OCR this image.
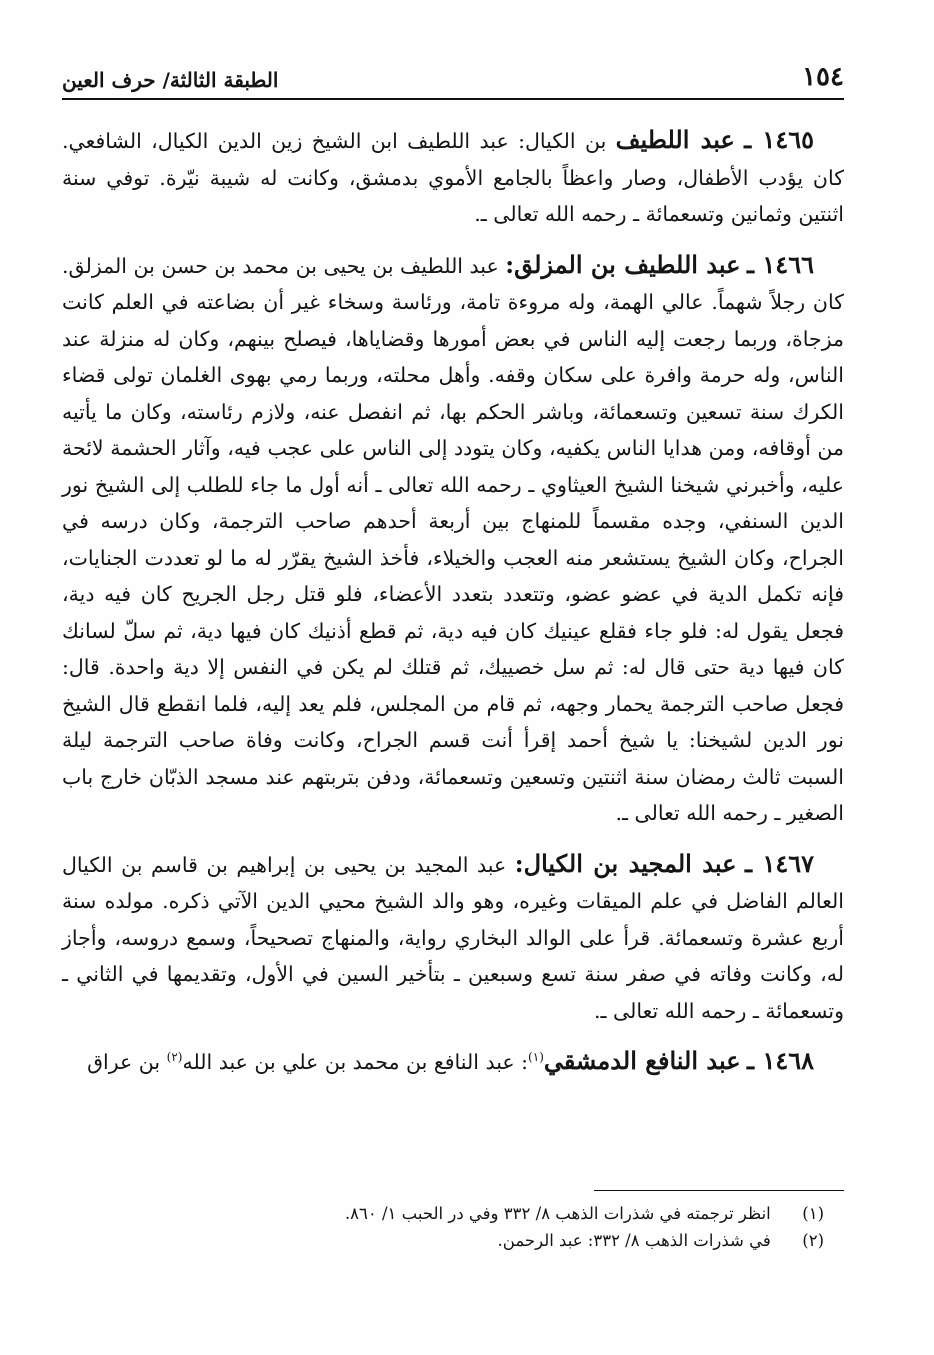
الطبقة الثالثة/ حرف العين	١٥٤

١٤٦٥ ـ عبد اللطيف بن الكيال: عبد اللطيف ابن الشيخ زين الدين الكيال، الشافعي. كان يؤدب الأطفال، وصار واعظاً بالجامع الأموي بدمشق، وكانت له شيبة نيّرة. توفي سنة اثنتين وثمانين وتسعمائة ـ رحمه الله تعالى ـ.

١٤٦٦ ـ عبد اللطيف بن المزلق: عبد اللطيف بن يحيى بن محمد بن حسن بن المزلق. كان رجلاً شهماً. عالي الهمة، وله مروءة تامة، ورئاسة وسخاء غير أن بضاعته في العلم كانت مزجاة، وربما رجعت إليه الناس في بعض أمورها وقضاياها، فيصلح بينهم، وكان له منزلة عند الناس، وله حرمة وافرة على سكان وقفه. وأهل محلته، وربما رمي بهوى الغلمان تولى قضاء الكرك سنة تسعين وتسعمائة، وباشر الحكم بها، ثم انفصل عنه، ولازم رئاسته، وكان ما يأتيه من أوقافه، ومن هدايا الناس يكفيه، وكان يتودد إلى الناس على عجب فيه، وآثار الحشمة لائحة عليه، وأخبرني شيخنا الشيخ العيثاوي ـ رحمه الله تعالى ـ أنه أول ما جاء للطلب إلى الشيخ نور الدين السنفي، وجده مقسماً للمنهاج بين أربعة أحدهم صاحب الترجمة، وكان درسه في الجراح، وكان الشيخ يستشعر منه العجب والخيلاء، فأخذ الشيخ يقرّر له ما لو تعددت الجنايات، فإنه تكمل الدية في عضو عضو، وتتعدد بتعدد الأعضاء، فلو قتل رجل الجريح كان فيه دية، فجعل يقول له: فلو جاء فقلع عينيك كان فيه دية، ثم قطع أذنيك كان فيها دية، ثم سلّ لسانك كان فيها دية حتى قال له: ثم سل خصييك، ثم قتلك لم يكن في النفس إلا دية واحدة. قال: فجعل صاحب الترجمة يحمار وجهه، ثم قام من المجلس، فلم يعد إليه، فلما انقطع قال الشيخ نور الدين لشيخنا: يا شيخ أحمد إقرأ أنت قسم الجراح، وكانت وفاة صاحب الترجمة ليلة السبت ثالث رمضان سنة اثنتين وتسعين وتسعمائة، ودفن بتربتهم عند مسجد الذبّان خارج باب الصغير ـ رحمه الله تعالى ـ.

١٤٦٧ ـ عبد المجيد بن الكيال: عبد المجيد بن يحيى بن إبراهيم بن قاسم بن الكيال العالم الفاضل في علم الميقات وغيره، وهو والد الشيخ محيي الدين الآتي ذكره. مولده سنة أربع عشرة وتسعمائة. قرأ على الوالد البخاري رواية، والمنهاج تصحيحاً، وسمع دروسه، وأجاز له، وكانت وفاته في صفر سنة تسع وسبعين ـ بتأخير السين في الأول، وتقديمها في الثاني ـ وتسعمائة ـ رحمه الله تعالى ـ.

١٤٦٨ ـ عبد النافع الدمشقي$^{(١)}$: عبد النافع بن محمد بن علي بن عبد الله$^{(٢)}$ بن عراق

(١) انظر ترجمته في شذرات الذهب ٨/ ٣٣٢ وفي در الحبب ١/ ٨٦٠.
(٢) في شذرات الذهب ٨/ ٣٣٢: عبد الرحمن.
